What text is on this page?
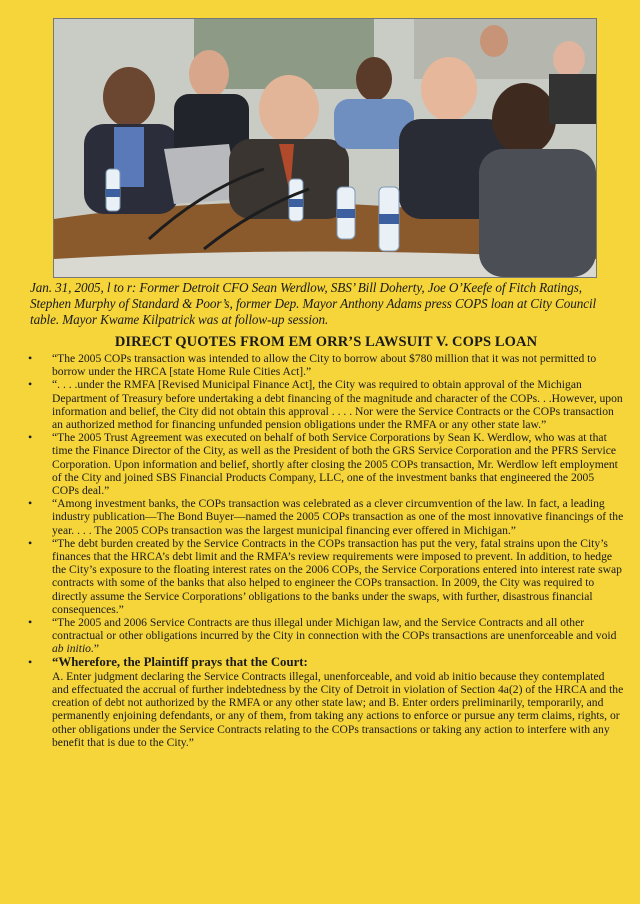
Jan. 31, 2005, l to r: Former Detroit CFO Sean Werdlow, SBS’ Bill Doherty, Joe O’Keefe of Fitch Ratings, Stephen Murphy of Standard & Poor’s, former Dep. Mayor Anthony Adams press COPS loan at City Council table. Mayor Kwame Kilpatrick was at follow-up session.
DIRECT QUOTES FROM EM ORR’S LAWSUIT V. COPS LOAN
• “The 2005 COPs transaction was intended to allow the City to borrow about $780 million that it was not permitted to borrow under the HRCA [state Home Rule Cities Act].”
• “. . . .under the RMFA [Revised Municipal Finance Act], the City was required to obtain approval of the Michigan Department of Treasury before undertaking a debt financing of the magnitude and character of the COPs. . .However, upon information and belief, the City did not obtain this approval . . . . Nor were the Service Contracts or the COPs transaction an authorized method for financing unfunded pension obligations under the RMFA or any other state law.”
• “The 2005 Trust Agreement was executed on behalf of both Service Corporations by Sean K. Werdlow, who was at that time the Finance Director of the City, as well as the President of both the GRS Service Corporation and the PFRS Service Corporation. Upon information and belief, shortly after closing the 2005 COPs transaction, Mr. Werdlow left employment of the City and joined SBS Financial Products Company, LLC, one of the investment banks that engineered the 2005 COPs deal.”
• “Among investment banks, the COPs transaction was celebrated as a clever circumvention of the law. In fact, a leading industry publication—The Bond Buyer—named the 2005 COPs transaction as one of the most innovative financings of the year. . . . The 2005 COPs transaction was the largest municipal financing ever offered in Michigan.”
• “The debt burden created by the Service Contracts in the COPs transaction has put the very, fatal strains upon the City’s finances that the HRCA’s debt limit and the RMFA’s review requirements were imposed to prevent. In addition, to hedge the City’s exposure to the floating interest rates on the 2006 COPs, the Service Corporations entered into interest rate swap contracts with some of the banks that also helped to engineer the COPs transaction. In 2009, the City was required to directly assume the Service Corporations’ obligations to the banks under the swaps, with further, disastrous financial consequences.”
• “The 2005 and 2006 Service Contracts are thus illegal under Michigan law, and the Service Contracts and all other contractual or other obligations incurred by the City in connection with the COPs transactions are unenforceable and void ab initio.”
• “Wherefore, the Plaintiff prays that the Court:
A. Enter judgment declaring the Service Contracts illegal, unenforceable, and void ab initio because they contemplated and effectuated the accrual of further indebtedness by the City of Detroit in violation of Section 4a(2) of the HRCA and the creation of debt not authorized by the RMFA or any other state law; and B. Enter orders preliminarily, temporarily, and permanently enjoining defendants, or any of them, from taking any actions to enforce or pursue any term claims, rights, or other obligations under the Service Contracts relating to the COPs transactions or taking any action to interfere with any benefit that is due to the City.”
